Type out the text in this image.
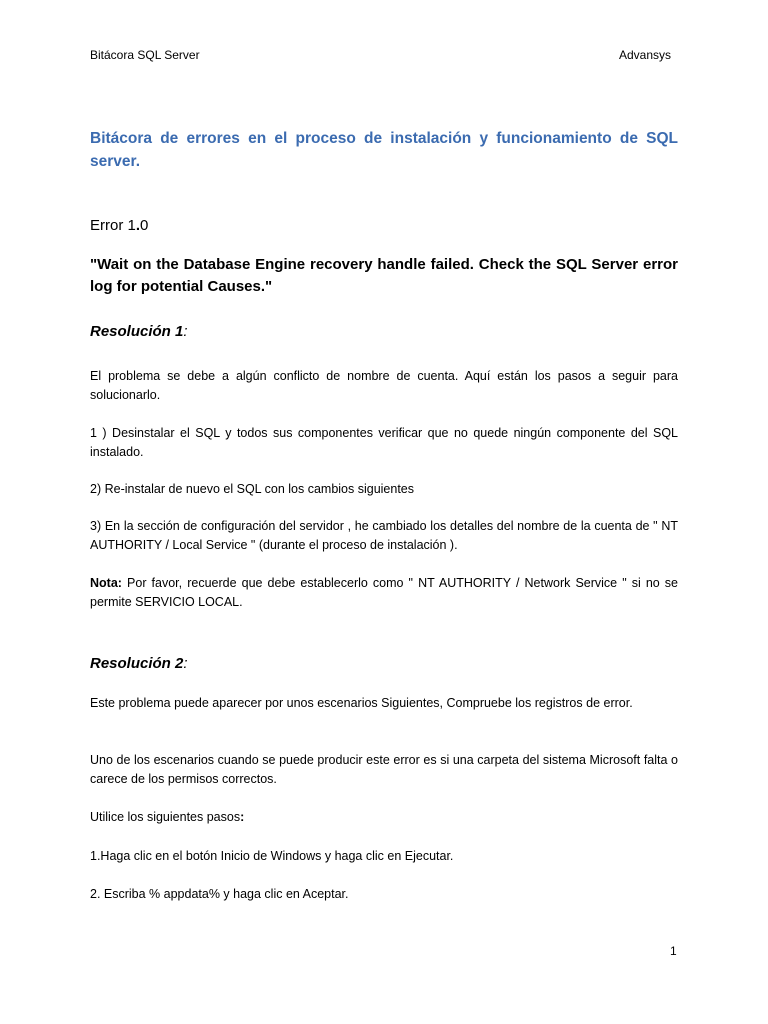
Bitácora SQL Server	Advansys
Bitácora de errores en el proceso de instalación y funcionamiento de SQL server.
Error 1.0
"Wait on the Database Engine recovery handle failed. Check the SQL Server error log for potential Causes."
Resolución 1:
El problema se debe a algún conflicto de nombre de cuenta. Aquí están los pasos a seguir para solucionarlo.
1 ) Desinstalar el SQL y todos sus componentes verificar que no quede ningún componente del SQL instalado.
2) Re-instalar de nuevo el SQL con los cambios siguientes
3) En la sección de configuración del servidor , he cambiado los detalles del nombre de la cuenta de " NT AUTHORITY / Local Service " (durante el proceso de instalación ).
Nota: Por favor, recuerde que debe establecerlo como " NT AUTHORITY / Network Service " si no se permite SERVICIO LOCAL.
Resolución 2:
Este problema puede aparecer por unos escenarios Siguientes, Compruebe los registros de error.
Uno de los escenarios cuando se puede producir este error es si una carpeta del sistema Microsoft falta o carece de los permisos correctos.
Utilice los siguientes pasos:
1.Haga clic en el botón Inicio de Windows y haga clic en Ejecutar.
2. Escriba % appdata% y haga clic en Aceptar.
1
